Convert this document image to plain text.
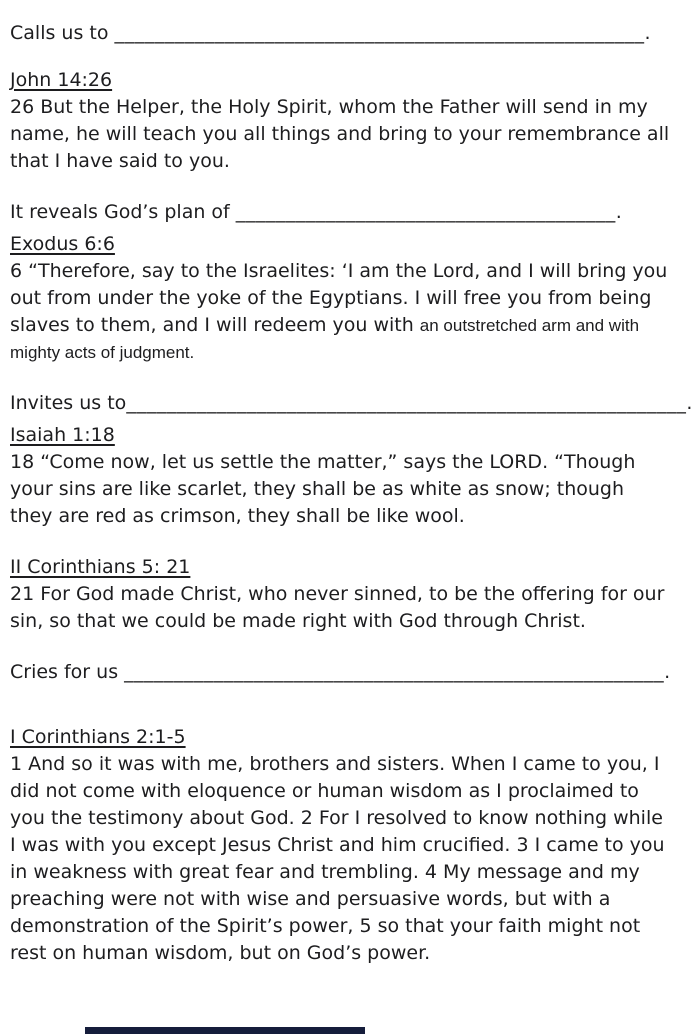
Calls us to _____________________________________________________.

John 14:26

26 But the Helper, the Holy Spirit, whom the Father will send in my name, he will teach you all things and bring to your remembrance all that I have said to you.

It reveals God’s plan of ______________________________________.

Exodus 6:6

6 “Therefore, say to the Israelites: ‘I am the Lord, and I will bring you out from under the yoke of the Egyptians. I will free you from being slaves to them, and I will redeem you with an outstretched arm and with mighty acts of judgment.

Invites us to________________________________________________________.

Isaiah 1:18

18 “Come now, let us settle the matter,” says the LORD. “Though your sins are like scarlet, they shall be as white as snow; though they are red as crimson, they shall be like wool.

II Corinthians 5: 21

21 For God made Christ, who never sinned, to be the offering for our sin, so that we could be made right with God through Christ.

Cries for us ______________________________________________________.

I Corinthians 2:1-5

1 And so it was with me, brothers and sisters. When I came to you, I did not come with eloquence or human wisdom as I proclaimed to you the testimony about God. 2 For I resolved to know nothing while I was with you except Jesus Christ and him crucified. 3 I came to you in weakness with great fear and trembling. 4 My message and my preaching were not with wise and persuasive words, but with a demonstration of the Spirit’s power, 5 so that your faith might not rest on human wisdom, but on God’s power.
